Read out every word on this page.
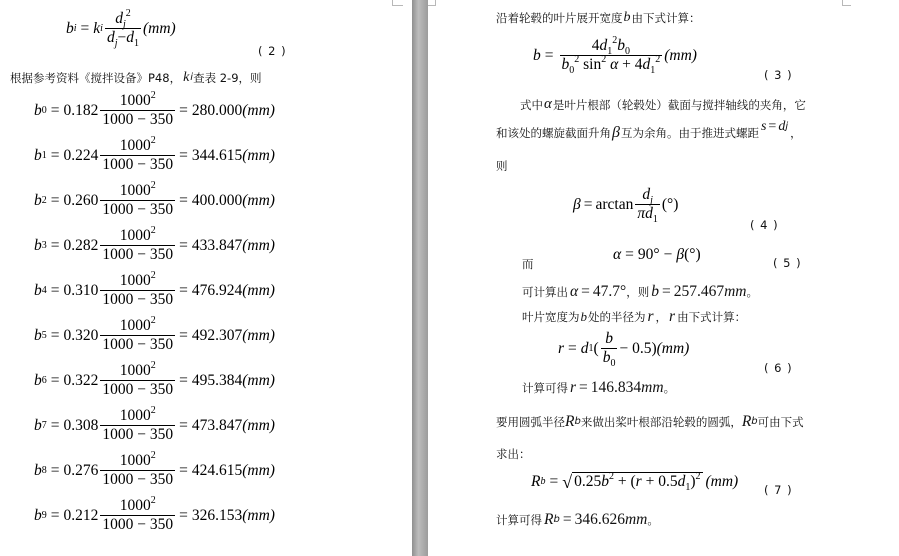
b i = k i $\frac{d_j^2}{d_j-d_1} (mm)$
( 2 )
根据参考资料《搅拌设备》P48， k i 查表 2-9，则
b $0 = 0.182 \frac{1000^2}{1000 - 350} = 280.000$ (mm)
b $1 = 0.224 \frac{1000^2}{1000 - 350} = 344.615$ (mm)
b $2 = 0.260 \frac{1000^2}{1000 - 350} = 400.000$ (mm)
b $3 = 0.282 \frac{1000^2}{1000 - 350} = 433.847$ (mm)
b $4 = 0.310 \frac{1000^2}{1000 - 350} = 476.924$ (mm)
b $5 = 0.320 \frac{1000^2}{1000 - 350} = 492.307$ (mm)
b $6 = 0.322 \frac{1000^2}{1000 - 350} = 495.384$ (mm)
b $7 = 0.308 \frac{1000^2}{1000 - 350} = 473.847$ (mm)
b $8 = 0.276 \frac{1000^2}{1000 - 350} = 424.615$ (mm)
b $9 = 0.212 \frac{1000^2}{1000 - 350} = 326.153$ (mm)
沿着轮毂的叶片展开宽度 b 由下式计算：
$b = \frac{4d_1^2b_0}{b_0^2 \sin^2 \alpha + 4d_1^2} (mm)$
( 3 )
式中 α 是叶片根部（轮毂处）截面与搅拌轴线的夹角，它
和该处的螺旋截面升角 β 互为余角。由于推进式螺距 $s = d_j$ ，
则
$\beta = \arctan \frac{d_j}{\pi d_1}$ (°)
( 4 )
而
α = 90° − β (°)	( 5 )
可计算出 α = 47.7° ，则 b = 257.467 mm 。
叶片宽度为 b 处的半径为 r ， r 由下式计算：
r = d 1 ( $\frac{b}{b_0} - 0.5$) (mm)
( 6 )
计算可得 r = 146.834 mm 。
要用圆弧半径 R b 来做出桨叶根部沿轮毂的圆弧， R b 可由下式
求出：
R b = √ $0.25b^2 + (r + 0.5d_1)^2$ (mm)
( 7 )
计算可得 R b = 346.626 mm 。
